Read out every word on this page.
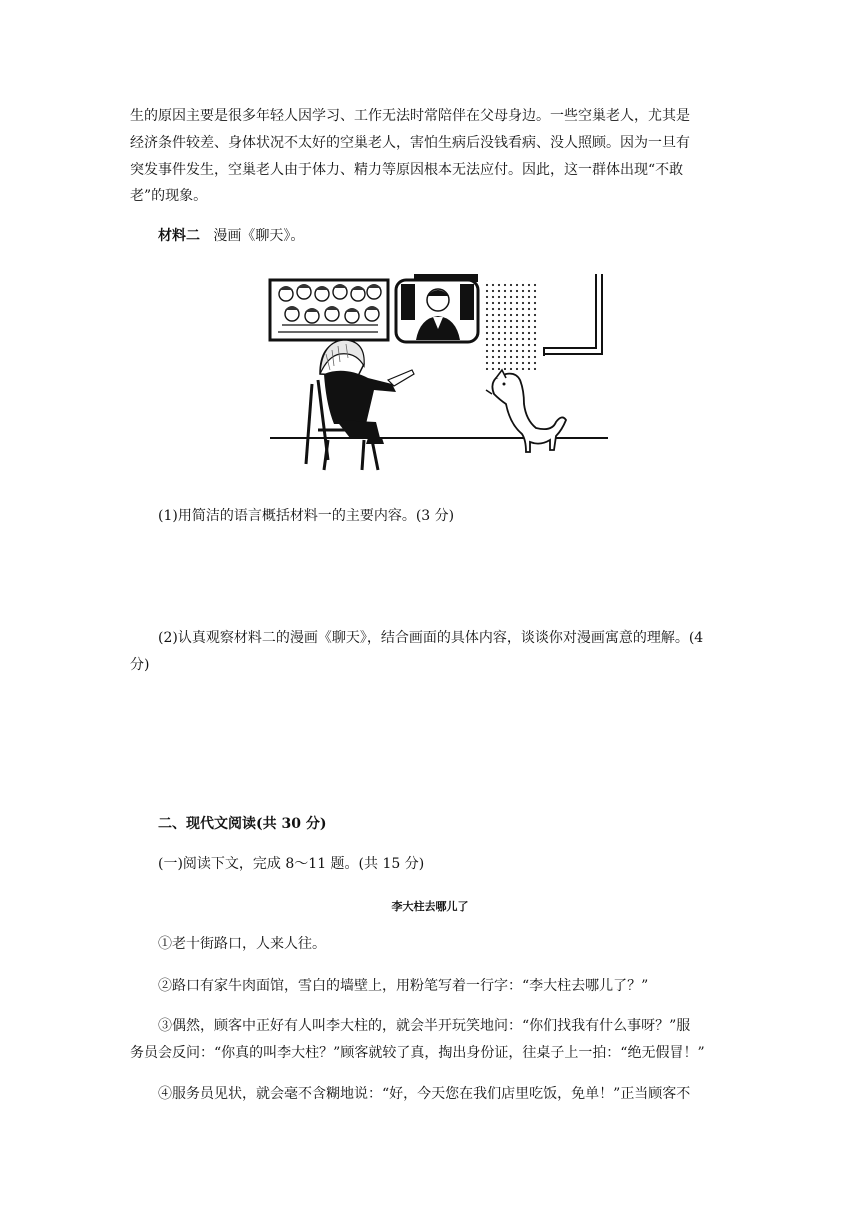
生的原因主要是很多年轻人因学习、工作无法时常陪伴在父母身边。一些空巢老人，尤其是
经济条件较差、身体状况不太好的空巢老人，害怕生病后没钱看病、没人照顾。因为一旦有
突发事件发生，空巢老人由于体力、精力等原因根本无法应付。因此，这一群体出现“不敢
老”的现象。
材料二 漫画《聊天》。
(1)用简洁的语言概括材料一的主要内容。(3 分)
(2)认真观察材料二的漫画《聊天》，结合画面的具体内容，谈谈你对漫画寓意的理解。(4
分)
二、现代文阅读(共 30 分)
(一)阅读下文，完成 8～11 题。(共 15 分)
李大柱去哪儿了
①老十街路口，人来人往。
②路口有家牛肉面馆，雪白的墙壁上，用粉笔写着一行字：“李大柱去哪儿了？”
③偶然，顾客中正好有人叫李大柱的，就会半开玩笑地问：“你们找我有什么事呀？”服
务员会反问：“你真的叫李大柱？”顾客就较了真，掏出身份证，往桌子上一拍：“绝无假冒！”
④服务员见状，就会毫不含糊地说：“好，今天您在我们店里吃饭，免单！”正当顾客不
